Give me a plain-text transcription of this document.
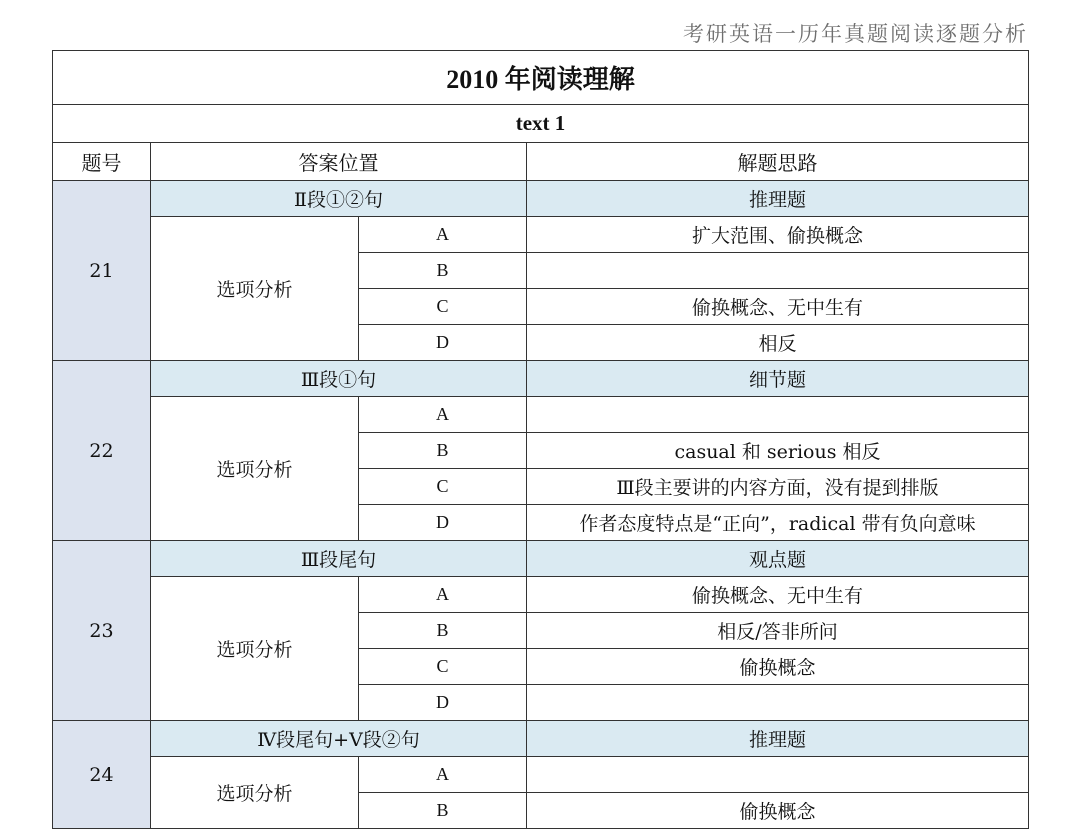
考研英语一历年真题阅读逐题分析
2010 年阅读理解			
text 1			
题号	答案位置		解题思路
21	Ⅱ段①②句		推理题
	选项分析	A	扩大范围、偷换概念
		B	
		C	偷换概念、无中生有
		D	相反
22	Ⅲ段①句		细节题
	选项分析	A	
		B	casual 和 serious 相反
		C	Ⅲ段主要讲的内容方面，没有提到排版
		D	作者态度特点是“正向”，radical 带有负向意味
23	Ⅲ段尾句		观点题
	选项分析	A	偷换概念、无中生有
		B	相反/答非所问
		C	偷换概念
		D	
24	Ⅳ段尾句+Ⅴ段②句		推理题
	选项分析	A	
		B	偷换概念
